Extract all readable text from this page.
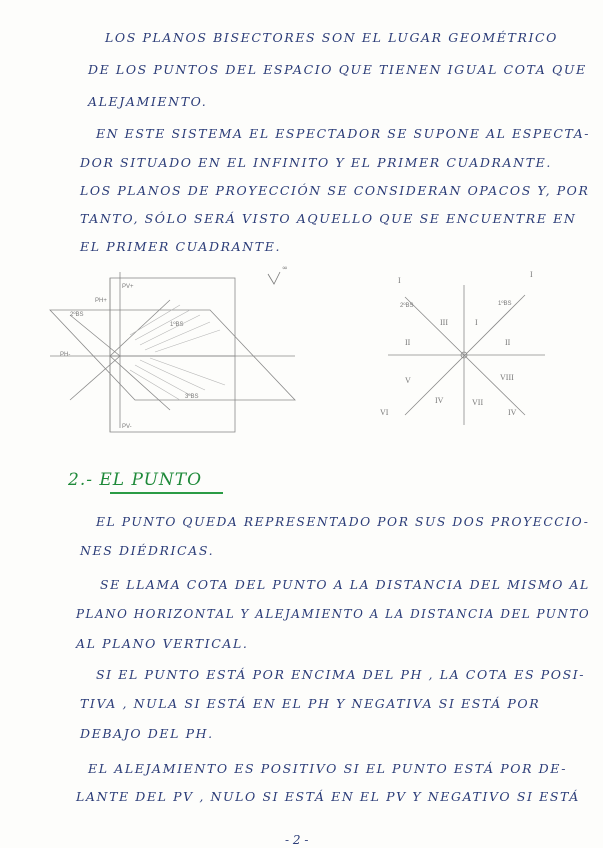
LOS PLANOS BISECTORES SON EL LUGAR GEOMÉTRICO
DE LOS PUNTOS DEL ESPACIO QUE TIENEN IGUAL COTA QUE
ALEJAMIENTO.
EN ESTE SISTEMA EL ESPECTADOR SE SUPONE AL ESPECTA-
DOR SITUADO EN EL INFINITO Y EL PRIMER CUADRANTE.
LOS PLANOS DE PROYECCIÓN SE CONSIDERAN OPACOS Y, POR
TANTO, SÓLO SERÁ VISTO AQUELLO QUE SE ENCUENTRE EN
EL PRIMER CUADRANTE.
PV+
PH+
1ºBS
2ºBS
PH-
3ºBS
PV-
∞
I
I
III
II	II
V	VIII
IV	VII
VI	IV
I
2ºBS	1ºBS
2.- EL PUNTO
EL PUNTO QUEDA REPRESENTADO POR SUS DOS PROYECCIO-
NES DIÉDRICAS.
SE LLAMA COTA DEL PUNTO A LA DISTANCIA DEL MISMO AL
PLANO HORIZONTAL Y ALEJAMIENTO A LA DISTANCIA DEL PUNTO
AL PLANO VERTICAL.
SI EL PUNTO ESTÁ POR ENCIMA DEL PH , LA COTA ES POSI-
TIVA , NULA SI ESTÁ EN EL PH Y NEGATIVA SI ESTÁ POR
DEBAJO DEL PH.
EL ALEJAMIENTO ES POSITIVO SI EL PUNTO ESTÁ POR DE-
LANTE DEL PV , NULO SI ESTÁ EN EL PV Y NEGATIVO SI ESTÁ
- 2 -
